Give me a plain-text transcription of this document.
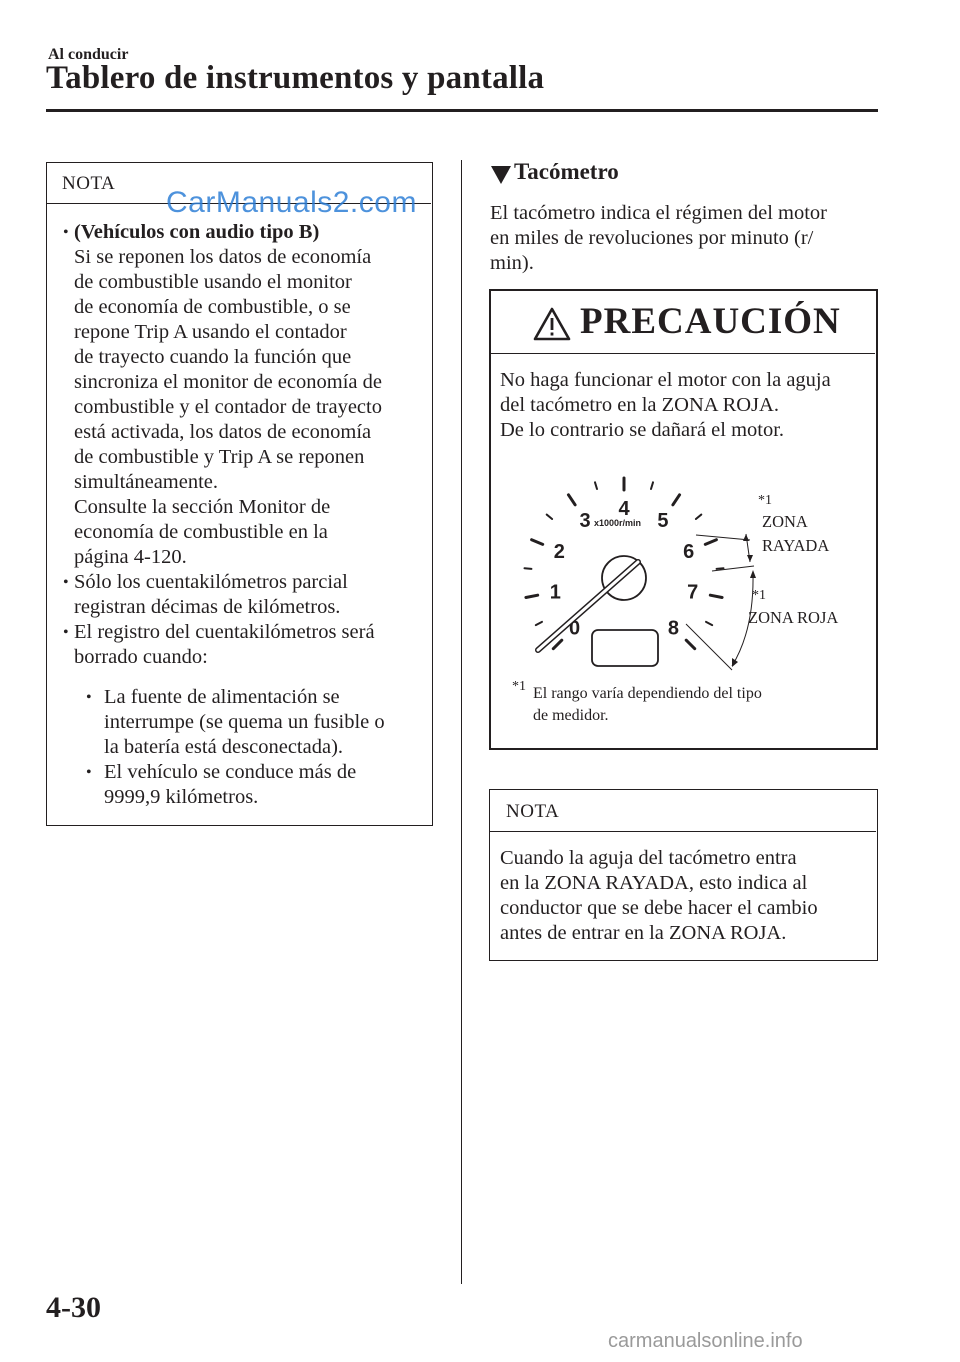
Al conducir
Tablero de instrumentos y pantalla
NOTA
CarManuals2.com
• (Vehículos con audio tipo B)
Si se reponen los datos de economía
de combustible usando el monitor
de economía de combustible, o se
repone Trip A usando el contador
de trayecto cuando la función que
sincroniza el monitor de economía de
combustible y el contador de trayecto
está activada, los datos de economía
de combustible y Trip A se reponen
simultáneamente.
Consulte la sección Monitor de
economía de combustible en la
página 4-120.
• Sólo los cuentakilómetros parcial
registran décimas de kilómetros.
• El registro del cuentakilómetros será
borrado cuando:
• La fuente de alimentación se
interrumpe (se quema un fusible o
la batería está desconectada).
• El vehículo se conduce más de
9999,9 kilómetros.
Tacómetro
El tacómetro indica el régimen del motor
en miles de revoluciones por minuto (r/
min).
PRECAUCIÓN
No haga funcionar el motor con la aguja
del tacómetro en la ZONA ROJA.
De lo contrario se dañará el motor.
0
1
2
3
4
5
6
7
8
x1000r/min
*1
ZONA
RAYADA
*1
ZONA ROJA
*1 El rango varía dependiendo del tipo
de medidor.
NOTA
Cuando la aguja del tacómetro entra
en la ZONA RAYADA, esto indica al
conductor que se debe hacer el cambio
antes de entrar en la ZONA ROJA.
4-30
carmanualsonline.info
